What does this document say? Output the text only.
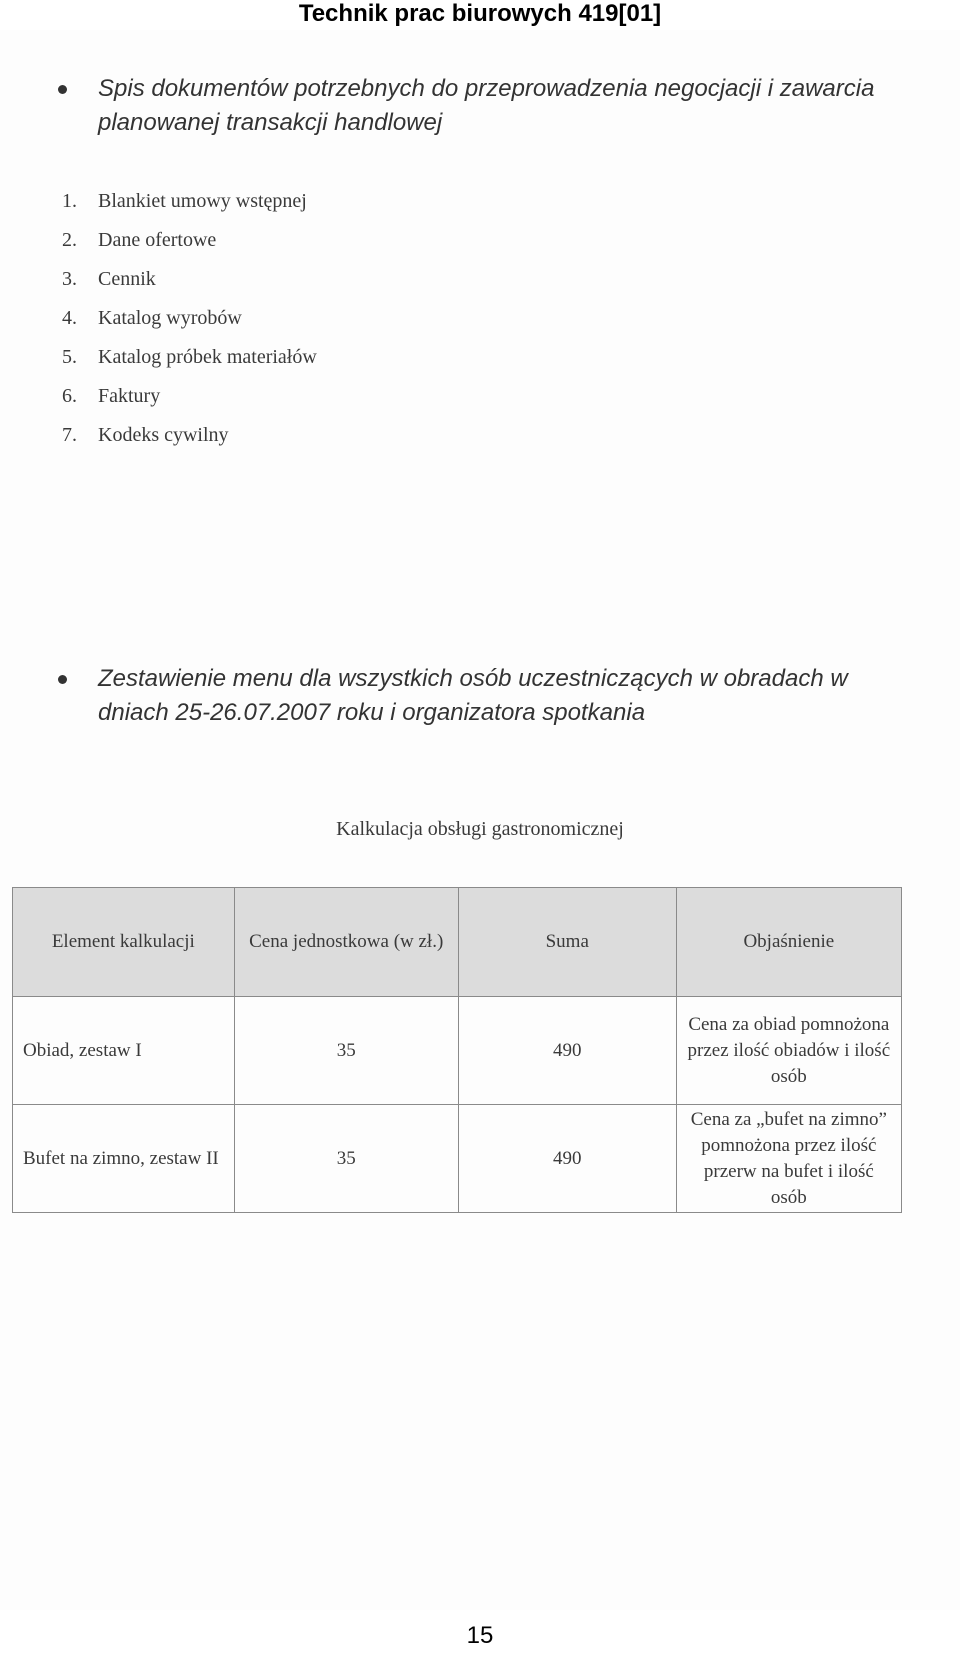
Technik prac biurowych 419[01]
Spis dokumentów potrzebnych do przeprowadzenia negocjacji i zawarcia planowanej transakcji handlowej
1. Blankiet umowy wstępnej
2. Dane ofertowe
3. Cennik
4. Katalog wyrobów
5. Katalog próbek materiałów
6. Faktury
7. Kodeks cywilny
Zestawienie menu dla wszystkich osób uczestniczących w obradach w dniach 25-26.07.2007 roku i organizatora spotkania
Kalkulacja obsługi gastronomicznej
Element kalkulacji	Cena jednostkowa (w zł.)	Suma	Objaśnienie
Obiad, zestaw I	35	490	Cena za obiad pomnożona przez ilość obiadów i ilość osób
Bufet na zimno, zestaw II	35	490	Cena za „bufet na zimno” pomnożona przez ilość przerw na bufet i ilość osób
15
